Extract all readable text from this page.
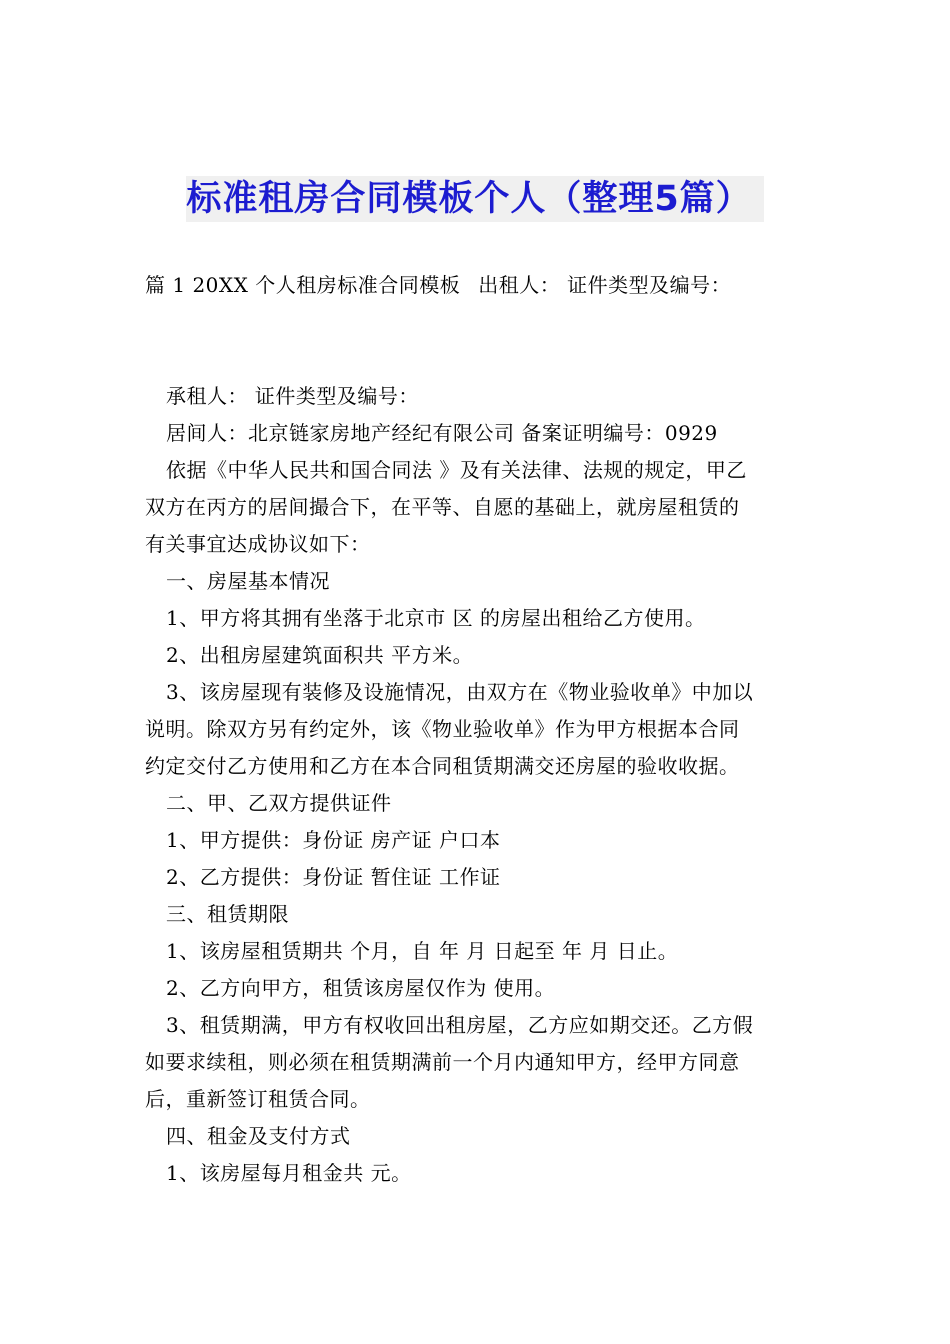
标准租房合同模板个人（整理5篇）
篇 1 20XX 个人租房标准合同模板 出租人： 证件类型及编号：
承租人： 证件类型及编号：
居间人：北京链家房地产经纪有限公司 备案证明编号：0929
依据《中华人民共和国合同法 》及有关法律、法规的规定，甲乙
双方在丙方的居间撮合下，在平等、自愿的基础上，就房屋租赁的
有关事宜达成协议如下：
一、房屋基本情况
1、甲方将其拥有坐落于北京市 区 的房屋出租给乙方使用。
2、出租房屋建筑面积共 平方米。
3、该房屋现有装修及设施情况，由双方在《物业验收单》中加以
说明。除双方另有约定外，该《物业验收单》作为甲方根据本合同
约定交付乙方使用和乙方在本合同租赁期满交还房屋的验收收据。
二、甲、乙双方提供证件
1、甲方提供：身份证 房产证 户口本
2、乙方提供：身份证 暂住证 工作证
三、租赁期限
1、该房屋租赁期共 个月，自 年 月 日起至 年 月 日止。
2、乙方向甲方，租赁该房屋仅作为 使用。
3、租赁期满，甲方有权收回出租房屋，乙方应如期交还。乙方假
如要求续租，则必须在租赁期满前一个月内通知甲方，经甲方同意
后，重新签订租赁合同。
四、租金及支付方式
1、该房屋每月租金共 元。
